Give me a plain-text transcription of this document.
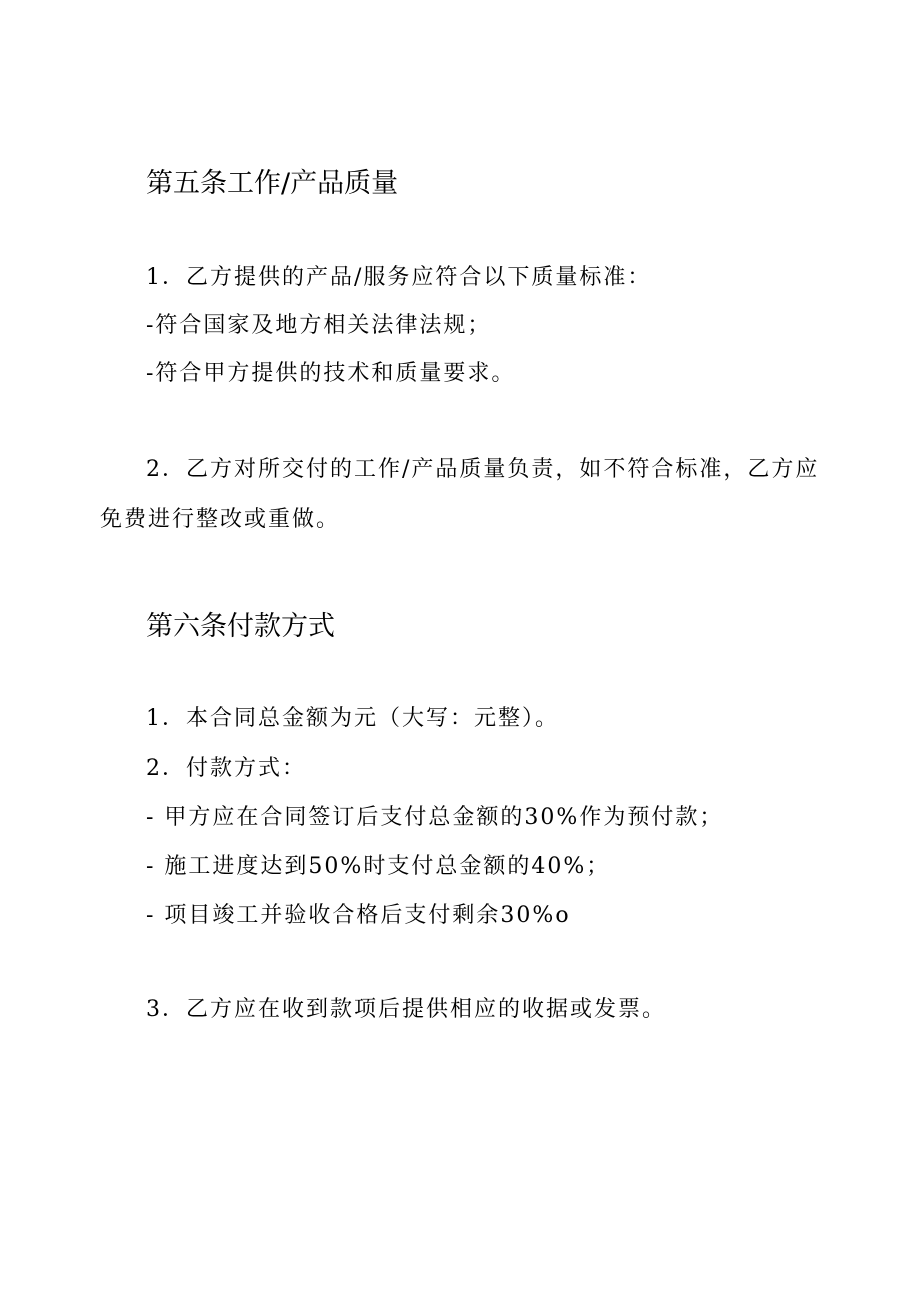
第五条工作/产品质量
1．乙方提供的产品/服务应符合以下质量标准：
-符合国家及地方相关法律法规；
-符合甲方提供的技术和质量要求。
2．乙方对所交付的工作/产品质量负责，如不符合标准，乙方应
免费进行整改或重做。
第六条付款方式
1．本合同总金额为元（大写：元整）。
2．付款方式：
- 甲方应在合同签订后支付总金额的30%作为预付款；
- 施工进度达到50%时支付总金额的40%；
- 项目竣工并验收合格后支付剩余30%o
3．乙方应在收到款项后提供相应的收据或发票。
